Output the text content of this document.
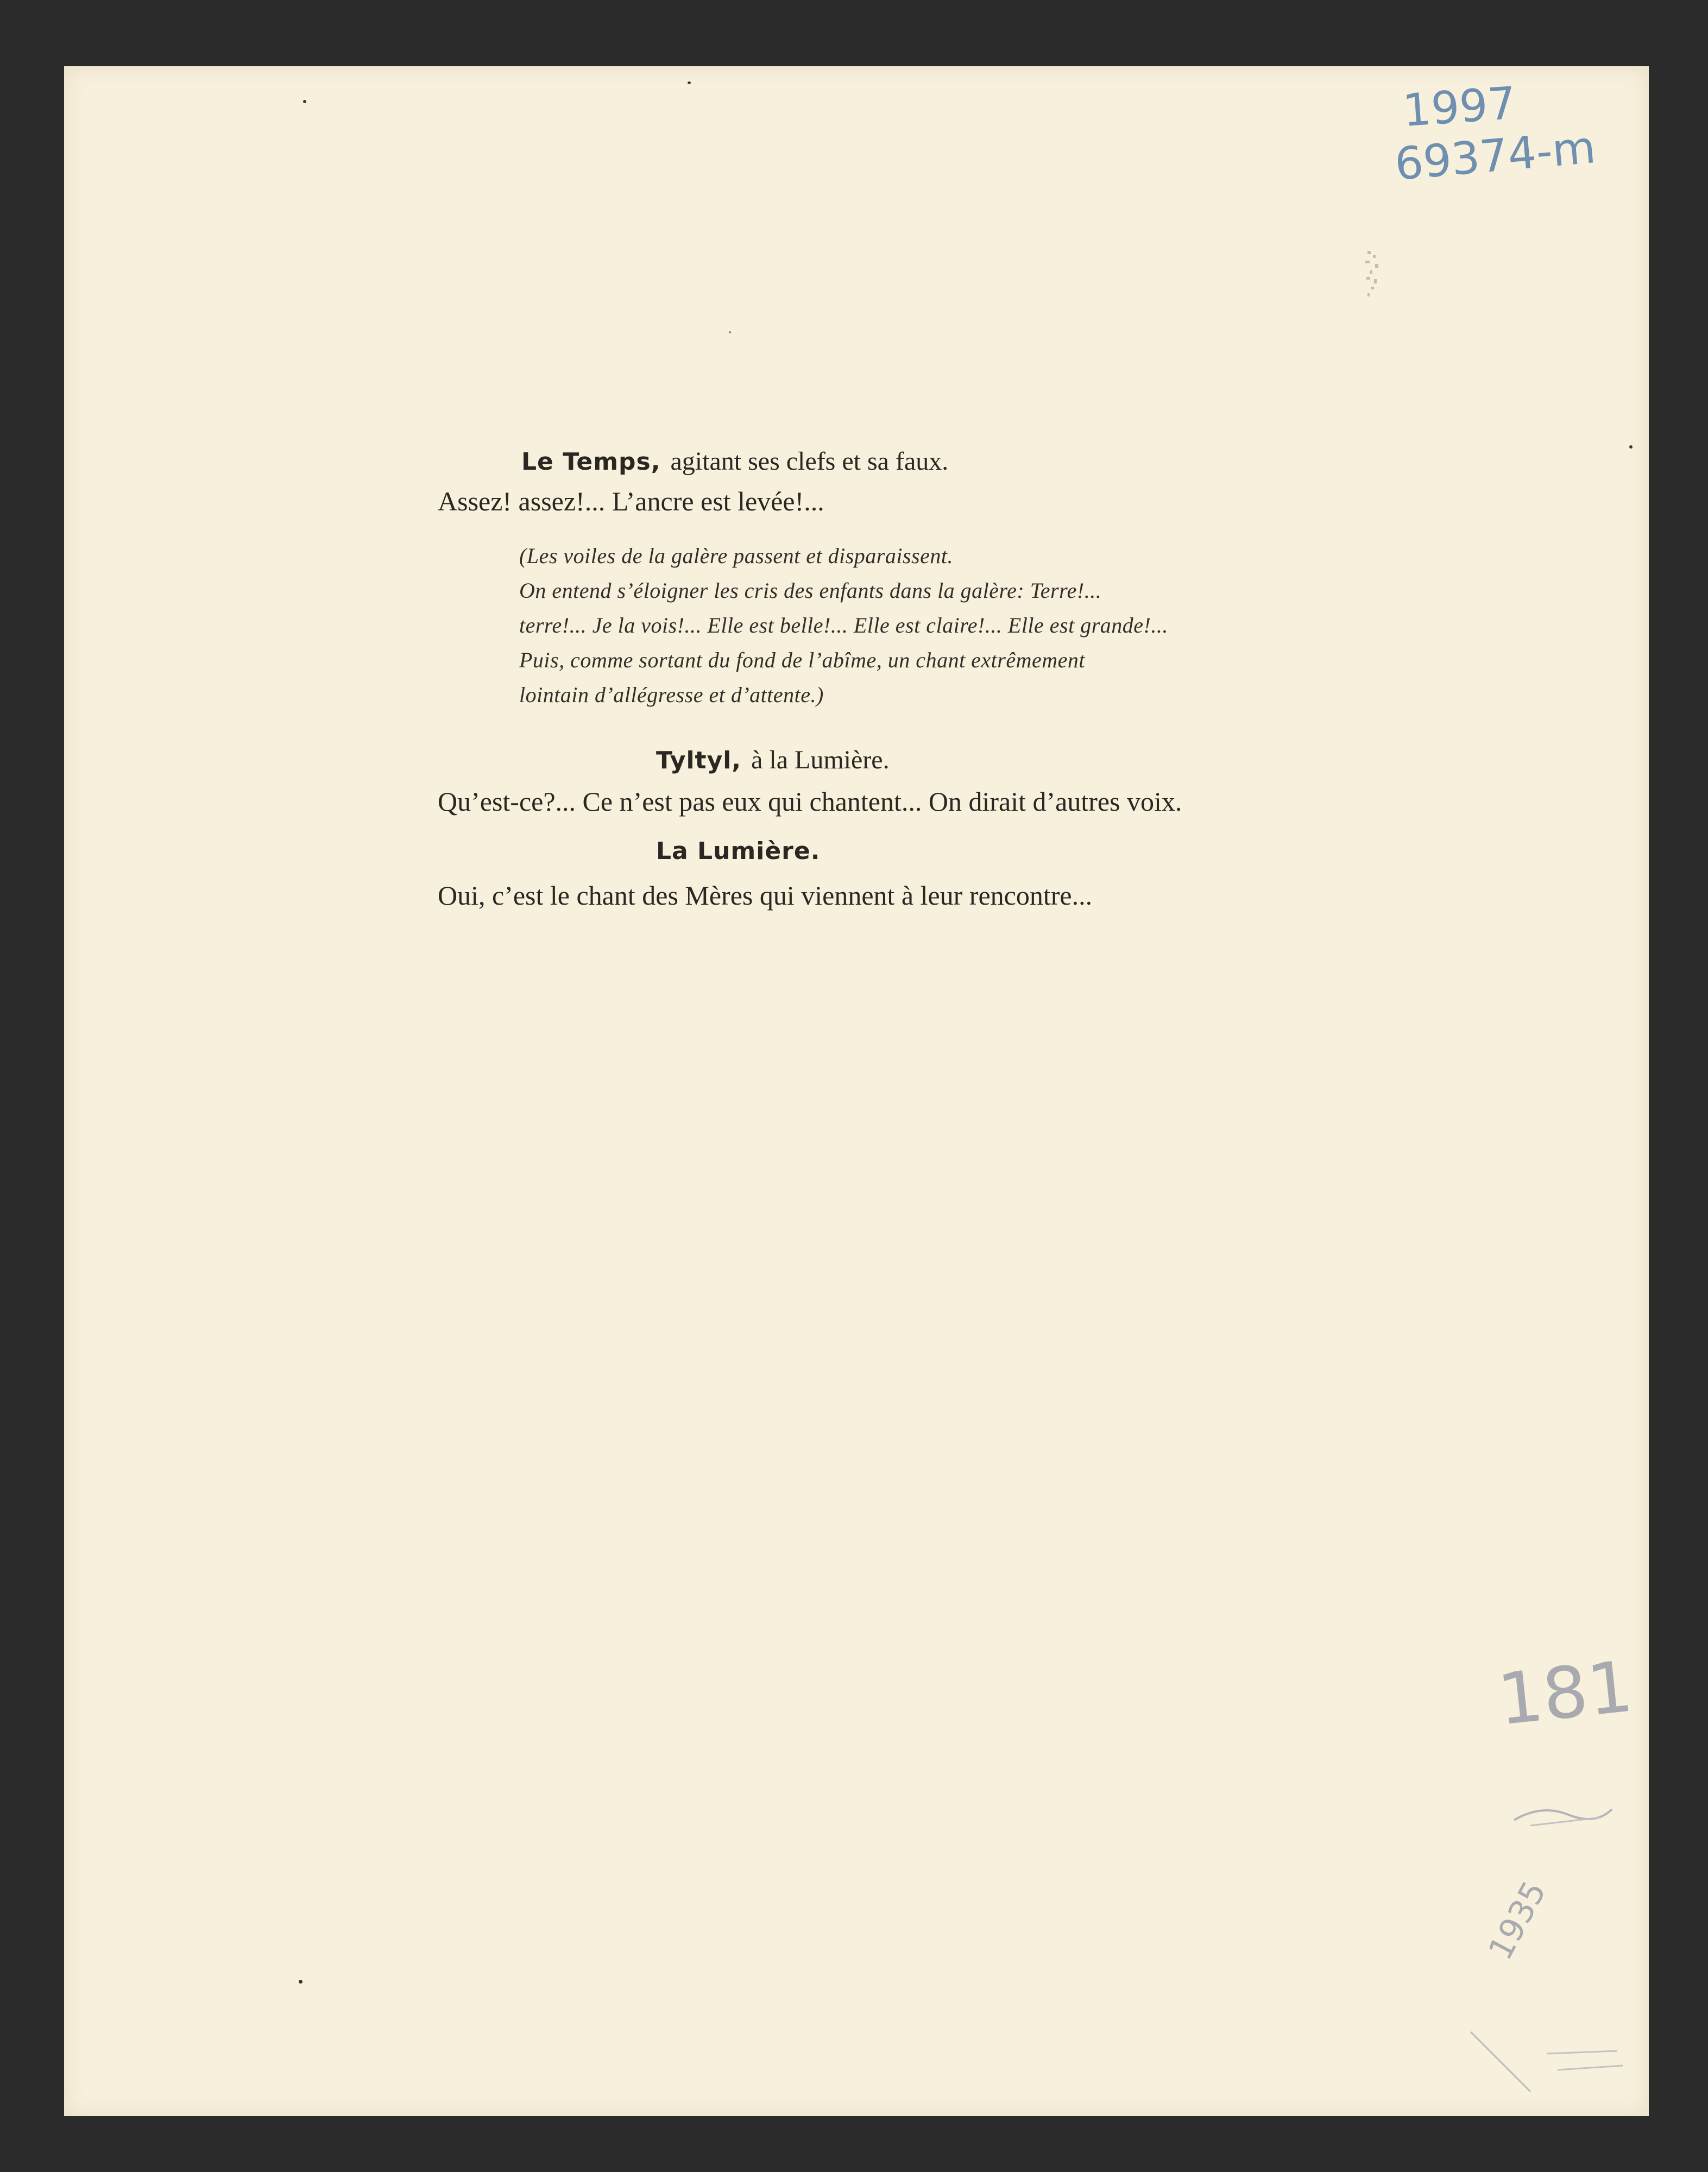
1997
69374-m
Le Temps, agitant ses clefs et sa faux.
Assez! assez!... L’ancre est levée!...
(Les voiles de la galère passent et disparaissent.
On entend s’éloigner les cris des enfants dans la galère: Terre!...
terre!... Je la vois!... Elle est belle!... Elle est claire!... Elle est grande!...
Puis, comme sortant du fond de l’abîme, un chant extrêmement
lointain d’allégresse et d’attente.)
Tyltyl, à la Lumière.
Qu’est-ce?... Ce n’est pas eux qui chantent... On dirait d’autres voix.
La Lumière.
Oui, c’est le chant des Mères qui viennent à leur rencontre...
181
1935
